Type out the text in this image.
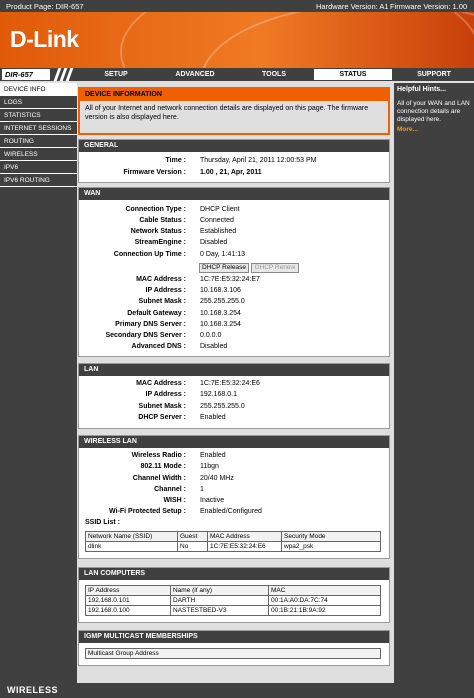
Product Page: DIR-657	Hardware Version: A1 Firmware Version: 1.00
D-Link
DIR-657	SETUP	ADVANCED	TOOLS	STATUS	SUPPORT
DEVICE INFO
LOGS
STATISTICS
INTERNET SESSIONS
ROUTING
WIRELESS
IPV6
IPV6 ROUTING
Helpful Hints...
All of your WAN and LAN connection details are displayed here.
More...
DEVICE INFORMATION
All of your Internet and network connection details are displayed on this page. The firmware version is also displayed here.
GENERAL
Time : Thursday, April 21, 2011 12:00:53 PM
Firmware Version : 1.00 , 21, Apr, 2011
WAN
Connection Type : DHCP Client
Cable Status : Connected
Network Status : Established
StreamEngine : Disabled
Connection Up Time : 0 Day, 1:41:13
DHCP Release	DHCP Renew
MAC Address : 1C:7E:E5:32:24:E7
IP Address : 10.168.3.106
Subnet Mask : 255.255.255.0
Default Gateway : 10.168.3.254
Primary DNS Server : 10.168.3.254
Secondary DNS Server : 0.0.0.0
Advanced DNS : Disabled
LAN
MAC Address : 1C:7E:E5:32:24:E6
IP Address : 192.168.0.1
Subnet Mask : 255.255.255.0
DHCP Server : Enabled
WIRELESS LAN
Wireless Radio : Enabled
802.11 Mode : 11bgn
Channel Width : 20/40 MHz
Channel : 1
WISH : Inactive
Wi-Fi Protected Setup : Enabled/Configured
SSID List :
Network Name (SSID)	Guest	MAC Address	Security Mode
dlink	No	1C:7E:E5:32:24:E6	wpa2_psk
LAN COMPUTERS
IP Address	Name (if any)	MAC
192.168.0.101	DARTH	00:1A:A0:DA:7C:74
192.168.0.100	NASTESTBED-V3	00:1B:21:1B:9A:92
IGMP MULTICAST MEMBERSHIPS
Multicast Group Address
WIRELESS
